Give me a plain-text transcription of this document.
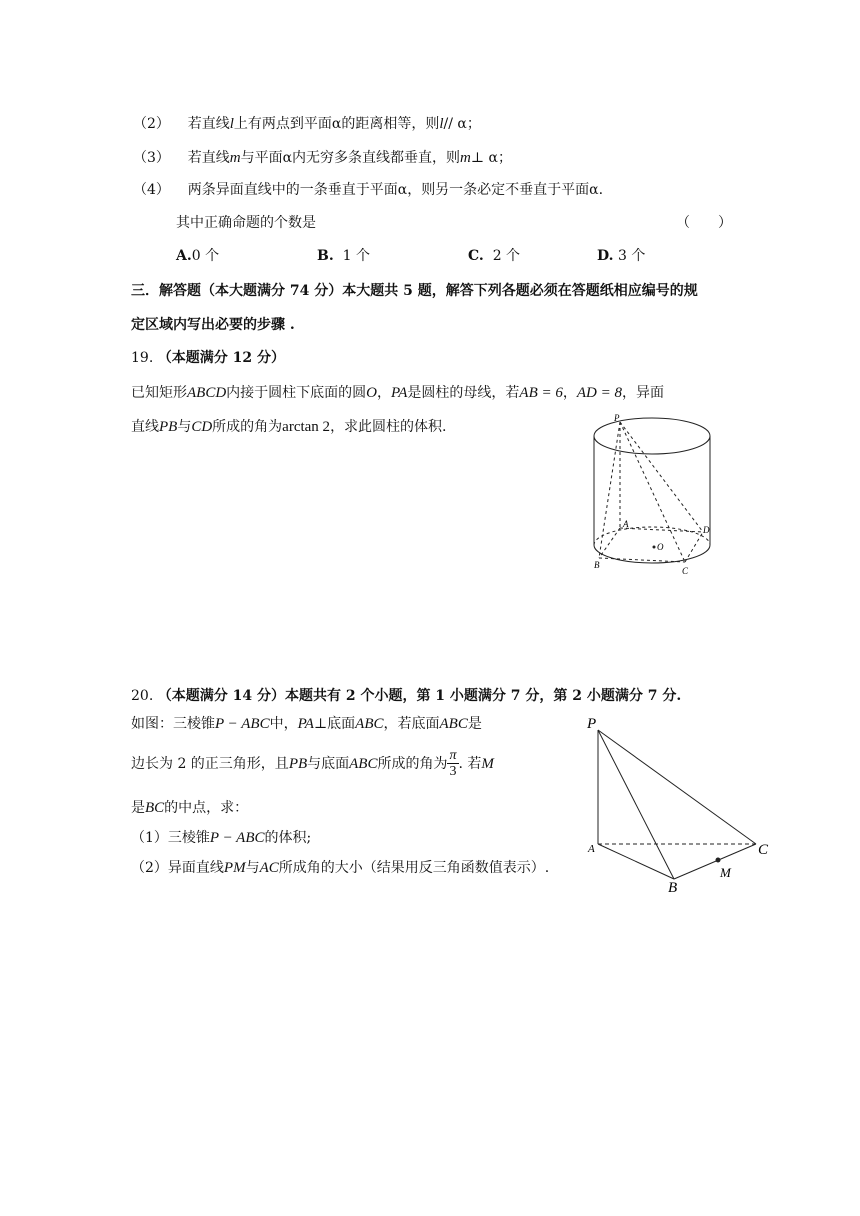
（2） 若直线l上有两点到平面α的距离相等，则l// α；
（3） 若直线m与平面α内无穷多条直线都垂直，则m⊥ α；
（4） 两条异面直线中的一条垂直于平面α，则另一条必定不垂直于平面α.
其中正确命题的个数是	（　　）
A.0 个	B. 1 个	C. 2 个	D. 3 个
三．解答题（本大题满分 74 分）本大题共 5 题，解答下列各题必须在答题纸相应编号的规
定区域内写出必要的步骤 .
19. （本题满分 12 分）
已知矩形ABCD内接于圆柱下底面的圆O，PA是圆柱的母线，若AB = 6，AD = 8，异面
直线PB与CD所成的角为arctan 2，求此圆柱的体积.
P
A
D
O
B
C
20. （本题满分 14 分）本题共有 2 个小题，第 1 小题满分 7 分，第 2 小题满分 7 分.
如图：三棱锥P − ABC中，PA⊥底面ABC，若底面ABC是
边长为 2 的正三角形，且PB与底面ABC所成的角为 $\frac{\pi}{3}$ . 若M
是BC的中点，求：
（1）三棱锥P − ABC的体积;
（2）异面直线PM与AC所成角的大小（结果用反三角函数值表示）.
P
A	C
B
M
